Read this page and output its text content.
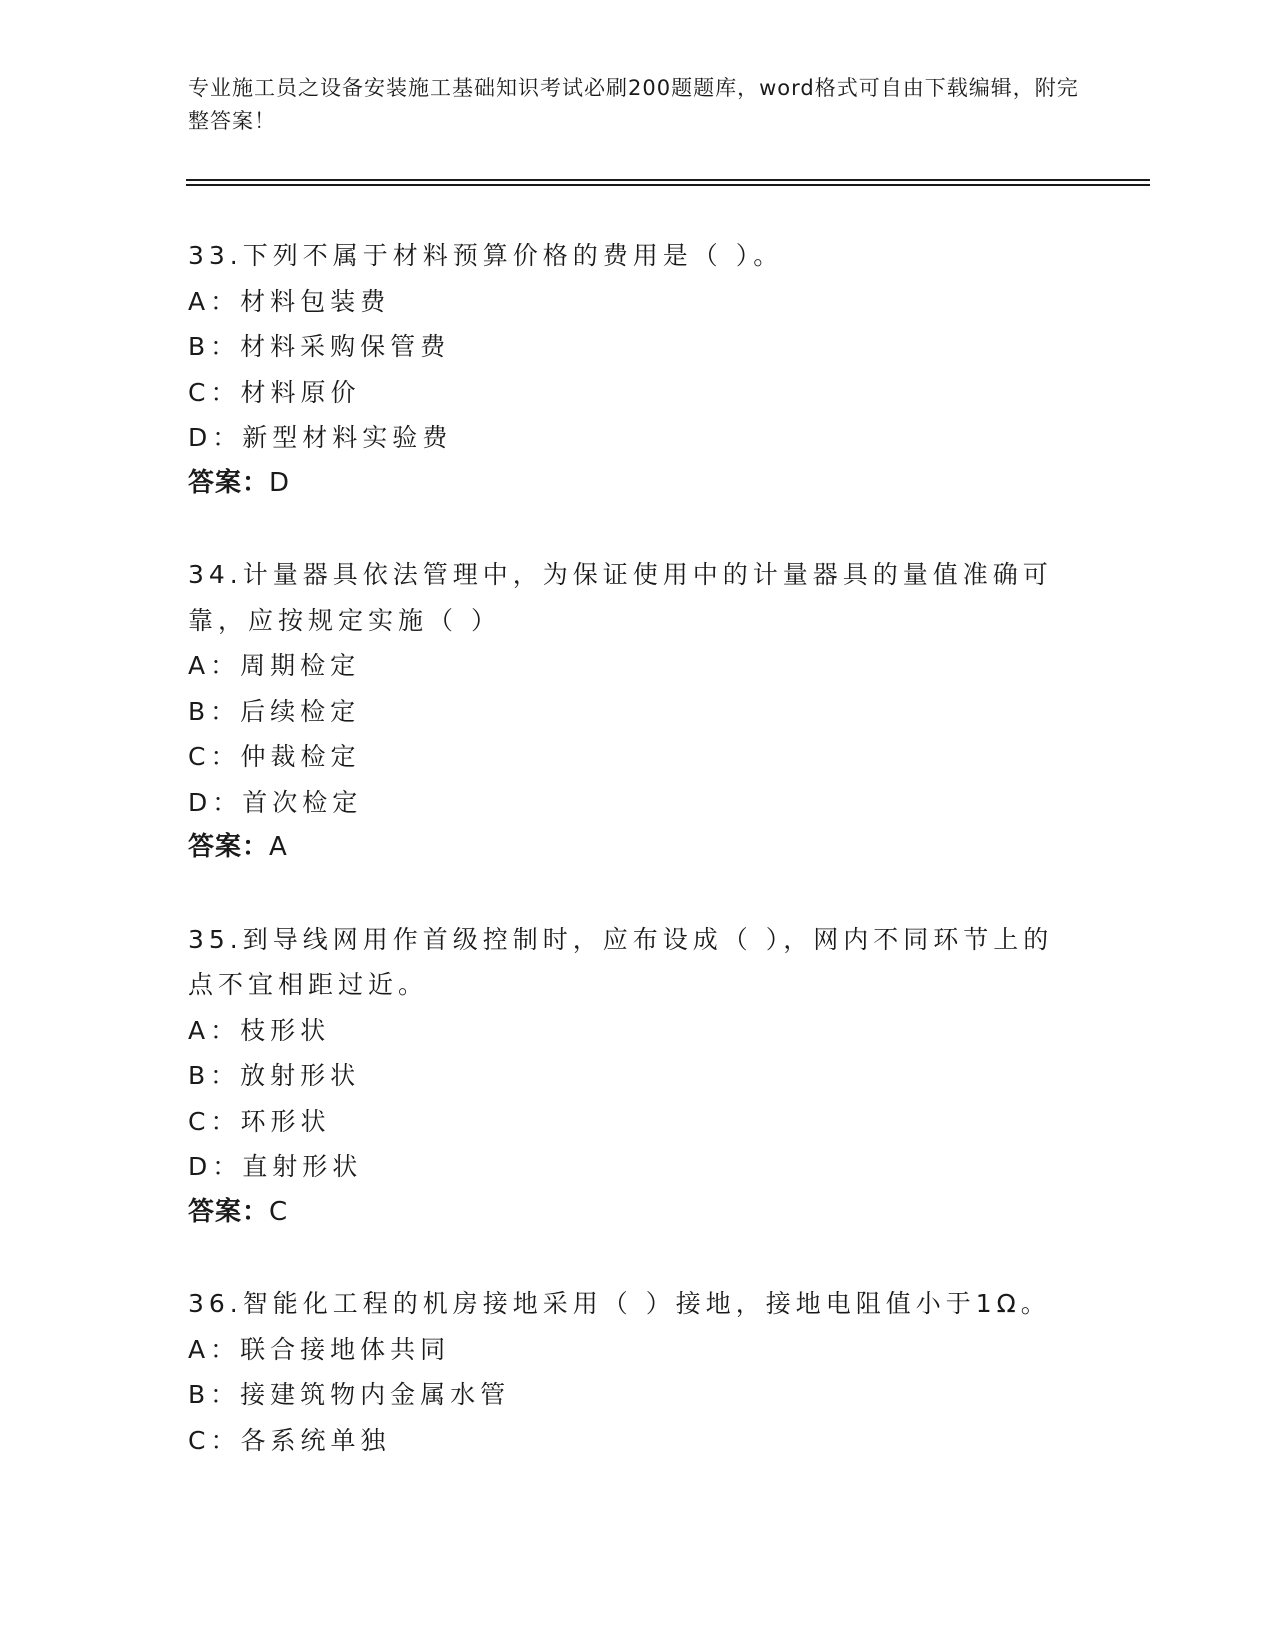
专业施工员之设备安装施工基础知识考试必刷200题题库，word格式可自由下载编辑，附完整答案！

33.下列不属于材料预算价格的费用是（ ）。

A：材料包装费

B：材料采购保管费

C：材料原价

D：新型材料实验费

答案：D

34.计量器具依法管理中，为保证使用中的计量器具的量值准确可靠，应按规定实施（ ）

A：周期检定

B：后续检定

C：仲裁检定

D：首次检定

答案：A

35.到导线网用作首级控制时，应布设成（ ），网内不同环节上的点不宜相距过近。

A：枝形状

B：放射形状

C：环形状

D：直射形状

答案：C

36.智能化工程的机房接地采用（ ）接地，接地电阻值小于1Ω。

A：联合接地体共同

B：接建筑物内金属水管

C：各系统单独
